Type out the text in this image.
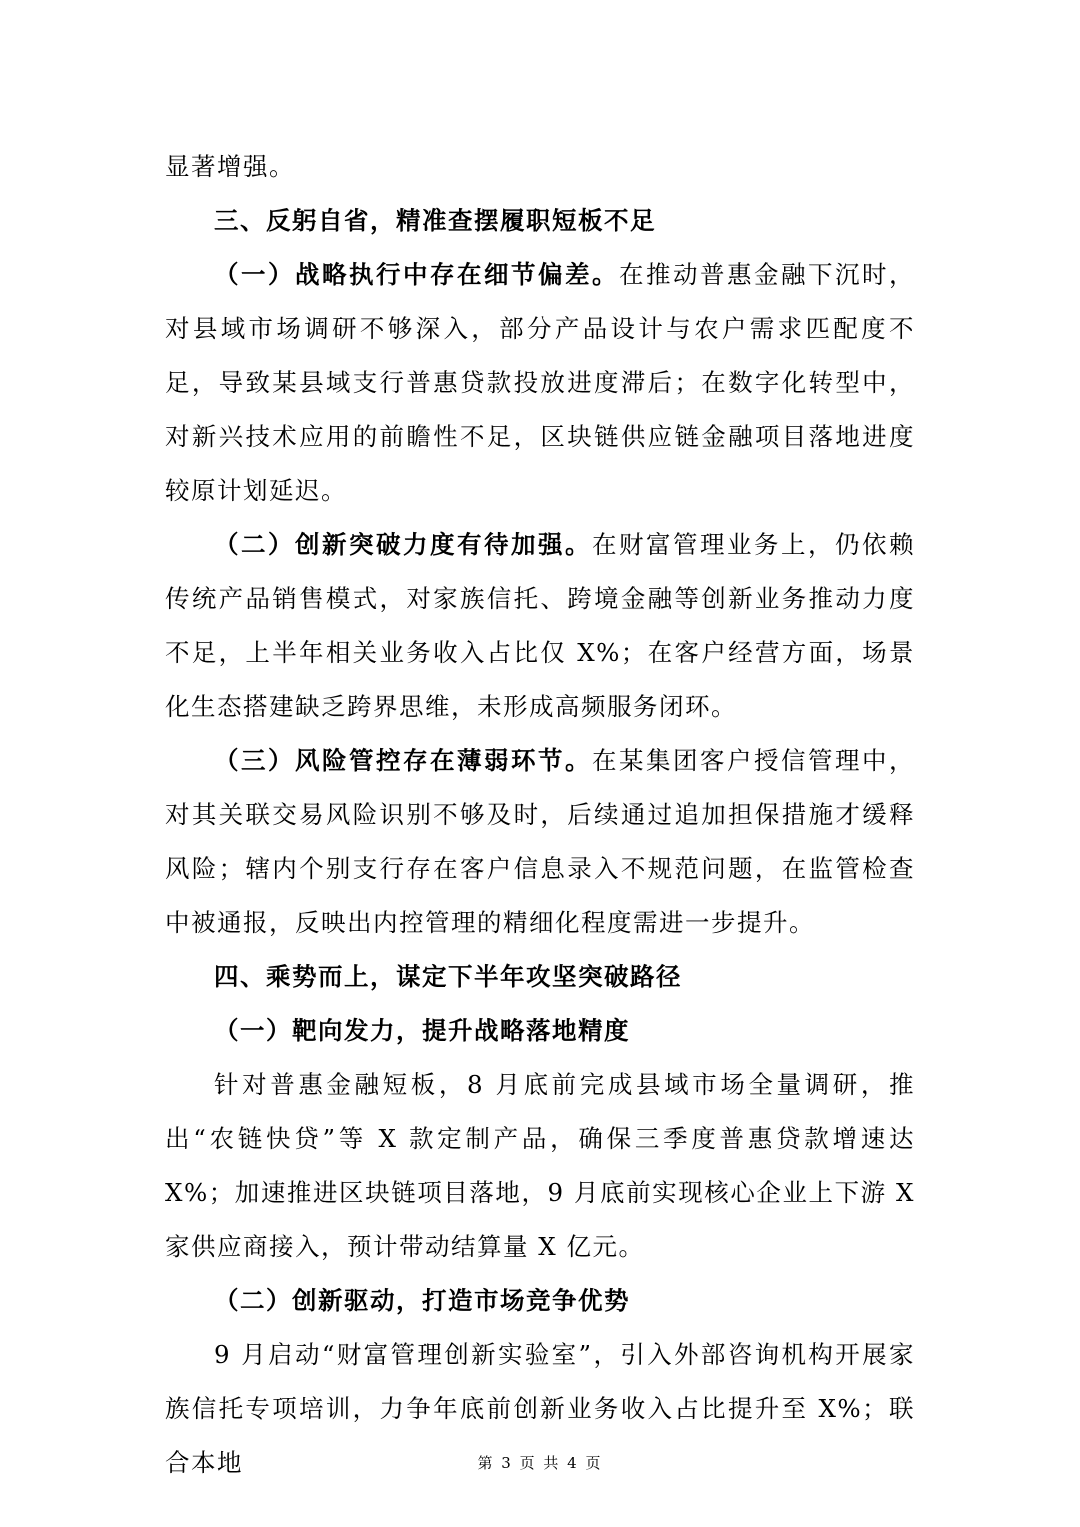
显著增强。

三、反躬自省，精准查摆履职短板不足

（一）战略执行中存在细节偏差。在推动普惠金融下沉时，对县域市场调研不够深入，部分产品设计与农户需求匹配度不足，导致某县域支行普惠贷款投放进度滞后；在数字化转型中，对新兴技术应用的前瞻性不足，区块链供应链金融项目落地进度较原计划延迟。

（二）创新突破力度有待加强。在财富管理业务上，仍依赖传统产品销售模式，对家族信托、跨境金融等创新业务推动力度不足，上半年相关业务收入占比仅 X%；在客户经营方面，场景化生态搭建缺乏跨界思维，未形成高频服务闭环。

（三）风险管控存在薄弱环节。在某集团客户授信管理中，对其关联交易风险识别不够及时，后续通过追加担保措施才缓释风险；辖内个别支行存在客户信息录入不规范问题，在监管检查中被通报，反映出内控管理的精细化程度需进一步提升。

四、乘势而上，谋定下半年攻坚突破路径

（一）靶向发力，提升战略落地精度

针对普惠金融短板，8 月底前完成县域市场全量调研，推出“农链快贷”等 X 款定制产品，确保三季度普惠贷款增速达 X%；加速推进区块链项目落地，9 月底前实现核心企业上下游 X 家供应商接入，预计带动结算量 X 亿元。

（二）创新驱动，打造市场竞争优势

9 月启动“财富管理创新实验室”，引入外部咨询机构开展家族信托专项培训，力争年底前创新业务收入占比提升至 X%；联合本地	第 3 页 共 4 页
